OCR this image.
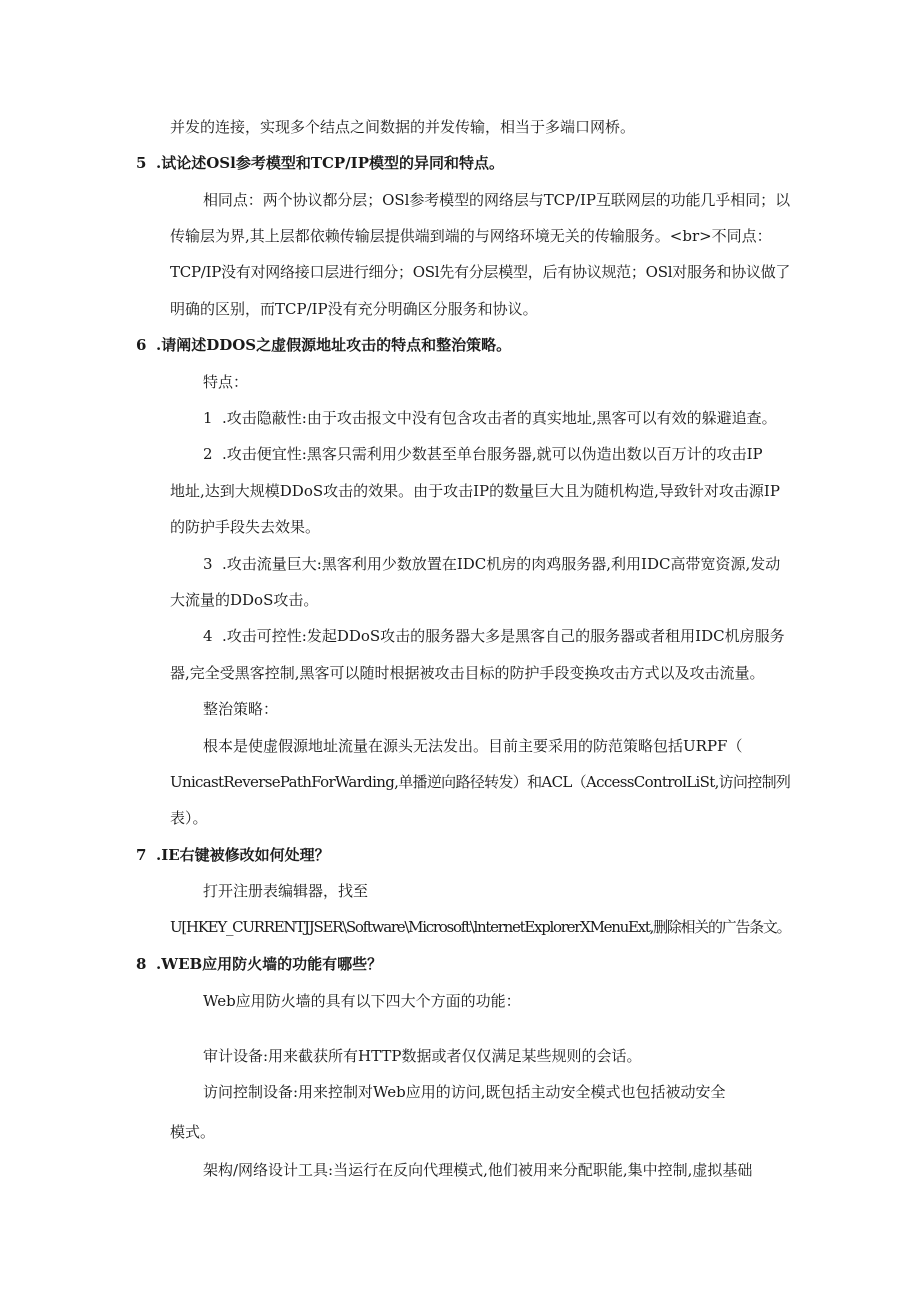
并发的连接，实现多个结点之间数据的并发传输，相当于多端口网桥。
5 .试论述OSl参考模型和TCP/IP模型的异同和特点。
相同点：两个协议都分层；OSl参考模型的网络层与TCP/IP互联网层的功能几乎相同；以
传输层为界,其上层都依赖传输层提供端到端的与网络环境无关的传输服务。<br>不同点：
TCP/IP没有对网络接口层进行细分；OSl先有分层模型，后有协议规范；OSl对服务和协议做了
明确的区别，而TCP/IP没有充分明确区分服务和协议。
6 .请阐述DDOS之虚假源地址攻击的特点和整治策略。
特点：
1 .攻击隐蔽性:由于攻击报文中没有包含攻击者的真实地址,黑客可以有效的躲避追查。
2 .攻击便宜性:黑客只需利用少数甚至单台服务器,就可以伪造出数以百万计的攻击IP
地址,达到大规模DDoS攻击的效果。由于攻击IP的数量巨大且为随机构造,导致针对攻击源IP
的防护手段失去效果。
3 .攻击流量巨大:黑客利用少数放置在IDC机房的肉鸡服务器,利用IDC高带宽资源,发动
大流量的DDoS攻击。
4 .攻击可控性:发起DDoS攻击的服务器大多是黑客自己的服务器或者租用IDC机房服务
器,完全受黑客控制,黑客可以随时根据被攻击目标的防护手段变换攻击方式以及攻击流量。
整治策略：
根本是使虚假源地址流量在源头无法发出。目前主要采用的防范策略包括URPF（
UnicastReversePathForWarding,单播逆向路径转发）和ACL（AccessControlLiSt,访问控制列
表）。
7 .IE右键被修改如何处理？
打开注册表编辑器，找至
U[HKEY_CURRENTJJSER\Software\Microsoft\lnternetExplorerXMenuExt,删除相关的广告条文。
8 .WEB应用防火墙的功能有哪些？
Web应用防火墙的具有以下四大个方面的功能：
审计设备:用来截获所有HTTP数据或者仅仅满足某些规则的会话。
访问控制设备:用来控制对Web应用的访问,既包括主动安全模式也包括被动安全
模式。
架构/网络设计工具:当运行在反向代理模式,他们被用来分配职能,集中控制,虚拟基础
